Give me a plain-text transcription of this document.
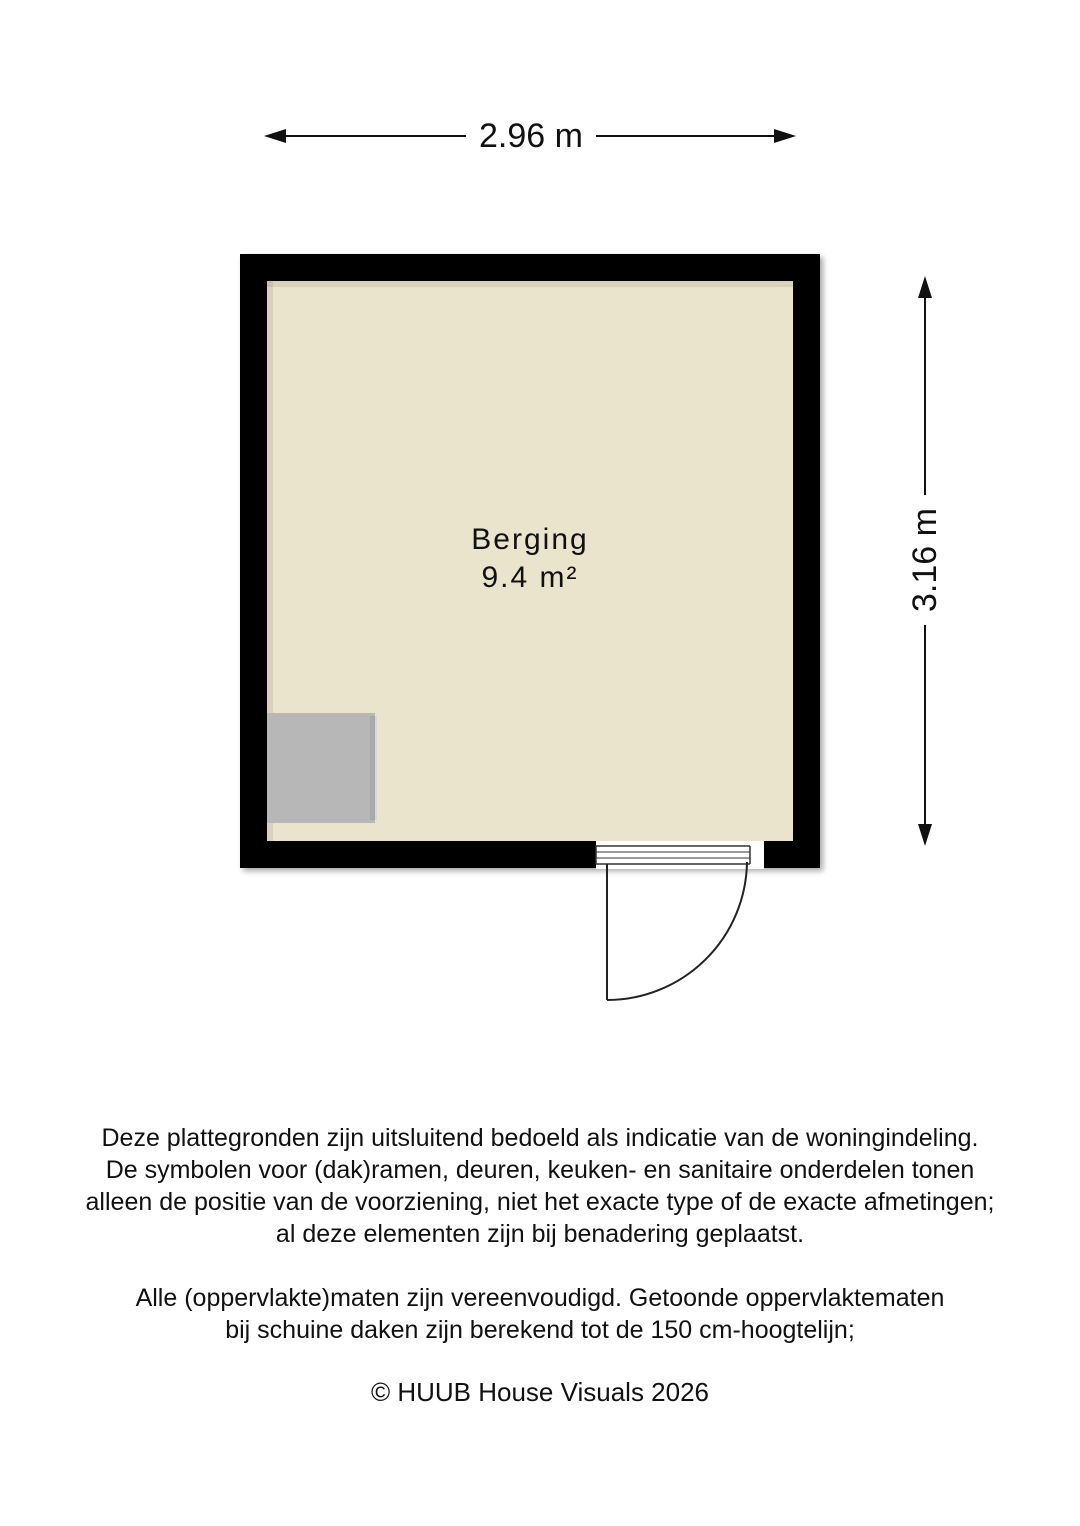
2.96 m
3.16 m
Berging
9.4 m²

Deze plattegronden zijn uitsluitend bedoeld als indicatie van de woningindeling.

De symbolen voor (dak)ramen, deuren, keuken- en sanitaire onderdelen tonen

alleen de positie van de voorziening, niet het exacte type of de exacte afmetingen;

al deze elementen zijn bij benadering geplaatst.

Alle (oppervlakte)maten zijn vereenvoudigd. Getoonde oppervlaktematen

bij schuine daken zijn berekend tot de 150 cm-hoogtelijn;

© HUUB House Visuals 2026
